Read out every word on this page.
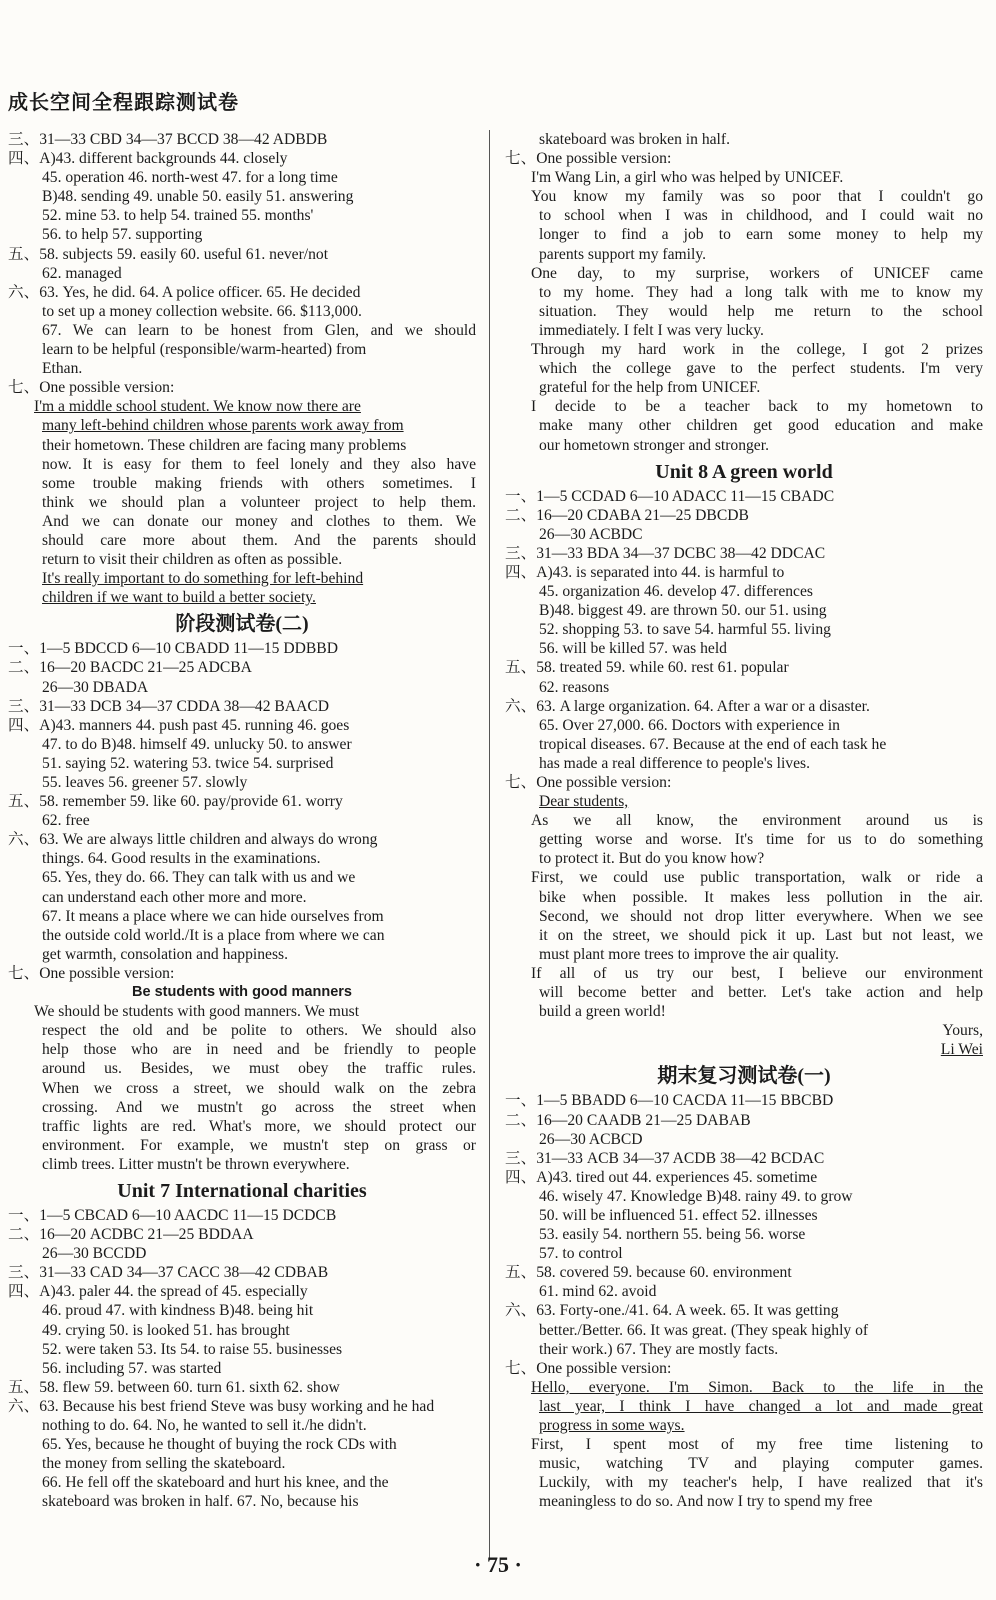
成长空间全程跟踪测试卷
三、31—33 CBD 34—37 BCCD 38—42 ADBDB
四、A)43. different backgrounds 44. closely
45. operation 46. north-west 47. for a long time
B)48. sending 49. unable 50. easily 51. answering
52. mine 53. to help 54. trained 55. months'
56. to help 57. supporting
五、58. subjects 59. easily 60. useful 61. never/not
62. managed
六、63. Yes, he did. 64. A police officer. 65. He decided
to set up a money collection website. 66. $113,000.
67. We can learn to be honest from Glen, and we should
learn to be helpful (responsible/warm-hearted) from
Ethan.
七、One possible version:
I'm a middle school student. We know now there are
many left-behind children whose parents work away from
their hometown. These children are facing many problems
now. It is easy for them to feel lonely and they also have
some trouble making friends with others sometimes. I
think we should plan a volunteer project to help them.
And we can donate our money and clothes to them. We
should care more about them. And the parents should
return to visit their children as often as possible.
It's really important to do something for left-behind
children if we want to build a better society.
阶段测试卷(二)
一、1—5 BDCCD 6—10 CBADD 11—15 DDBBD
二、16—20 BACDC 21—25 ADCBA
26—30 DBADA
三、31—33 DCB 34—37 CDDA 38—42 BAACD
四、A)43. manners 44. push past 45. running 46. goes
47. to do B)48. himself 49. unlucky 50. to answer
51. saying 52. watering 53. twice 54. surprised
55. leaves 56. greener 57. slowly
五、58. remember 59. like 60. pay/provide 61. worry
62. free
六、63. We are always little children and always do wrong
things. 64. Good results in the examinations.
65. Yes, they do. 66. They can talk with us and we
can understand each other more and more.
67. It means a place where we can hide ourselves from
the outside cold world./It is a place from where we can
get warmth, consolation and happiness.
七、One possible version:
Be students with good manners
We should be students with good manners. We must
respect the old and be polite to others. We should also
help those who are in need and be friendly to people
around us. Besides, we must obey the traffic rules.
When we cross a street, we should walk on the zebra
crossing. And we mustn't go across the street when
traffic lights are red. What's more, we should protect our
environment. For example, we mustn't step on grass or
climb trees. Litter mustn't be thrown everywhere.
Unit 7 International charities
一、1—5 CBCAD 6—10 AACDC 11—15 DCDCB
二、16—20 ACDBC 21—25 BDDAA
26—30 BCCDD
三、31—33 CAD 34—37 CACC 38—42 CDBAB
四、A)43. paler 44. the spread of 45. especially
46. proud 47. with kindness B)48. being hit
49. crying 50. is looked 51. has brought
52. were taken 53. Its 54. to raise 55. businesses
56. including 57. was started
五、58. flew 59. between 60. turn 61. sixth 62. show
六、63. Because his best friend Steve was busy working and he had
nothing to do. 64. No, he wanted to sell it./he didn't.
65. Yes, because he thought of buying the rock CDs with
the money from selling the skateboard.
66. He fell off the skateboard and hurt his knee, and the
skateboard was broken in half. 67. No, because his
skateboard was broken in half.
七、One possible version:
I'm Wang Lin, a girl who was helped by UNICEF.
You know my family was so poor that I couldn't go
to school when I was in childhood, and I could wait no
longer to find a job to earn some money to help my
parents support my family.
One day, to my surprise, workers of UNICEF came
to my home. They had a long talk with me to know my
situation. They would help me return to the school
immediately. I felt I was very lucky.
Through my hard work in the college, I got 2 prizes
which the college gave to the perfect students. I'm very
grateful for the help from UNICEF.
I decide to be a teacher back to my hometown to
make many other children get good education and make
our hometown stronger and stronger.
Unit 8 A green world
一、1—5 CCDAD 6—10 ADACC 11—15 CBADC
二、16—20 CDABA 21—25 DBCDB
26—30 ACBDC
三、31—33 BDA 34—37 DCBC 38—42 DDCAC
四、A)43. is separated into 44. is harmful to
45. organization 46. develop 47. differences
B)48. biggest 49. are thrown 50. our 51. using
52. shopping 53. to save 54. harmful 55. living
56. will be killed 57. was held
五、58. treated 59. while 60. rest 61. popular
62. reasons
六、63. A large organization. 64. After a war or a disaster.
65. Over 27,000. 66. Doctors with experience in
tropical diseases. 67. Because at the end of each task he
has made a real difference to people's lives.
七、One possible version:
Dear students,
As we all know, the environment around us is
getting worse and worse. It's time for us to do something
to protect it. But do you know how?
First, we could use public transportation, walk or ride a
bike when possible. It makes less pollution in the air.
Second, we should not drop litter everywhere. When we see
it on the street, we should pick it up. Last but not least, we
must plant more trees to improve the air quality.
If all of us try our best, I believe our environment
will become better and better. Let's take action and help
build a green world!
Yours,
Li Wei
期末复习测试卷(一)
一、1—5 BBADD 6—10 CACDA 11—15 BBCBD
二、16—20 CAADB 21—25 DABAB
26—30 ACBCD
三、31—33 ACB 34—37 ACDB 38—42 BCDAC
四、A)43. tired out 44. experiences 45. sometime
46. wisely 47. Knowledge B)48. rainy 49. to grow
50. will be influenced 51. effect 52. illnesses
53. easily 54. northern 55. being 56. worse
57. to control
五、58. covered 59. because 60. environment
61. mind 62. avoid
六、63. Forty-one./41. 64. A week. 65. It was getting
better./Better. 66. It was great. (They speak highly of
their work.) 67. They are mostly facts.
七、One possible version:
Hello, everyone. I'm Simon. Back to the life in the
last year, I think I have changed a lot and made great
progress in some ways.
First, I spent most of my free time listening to
music, watching TV and playing computer games.
Luckily, with my teacher's help, I have realized that it's
meaningless to do so. And now I try to spend my free
· 75 ·
